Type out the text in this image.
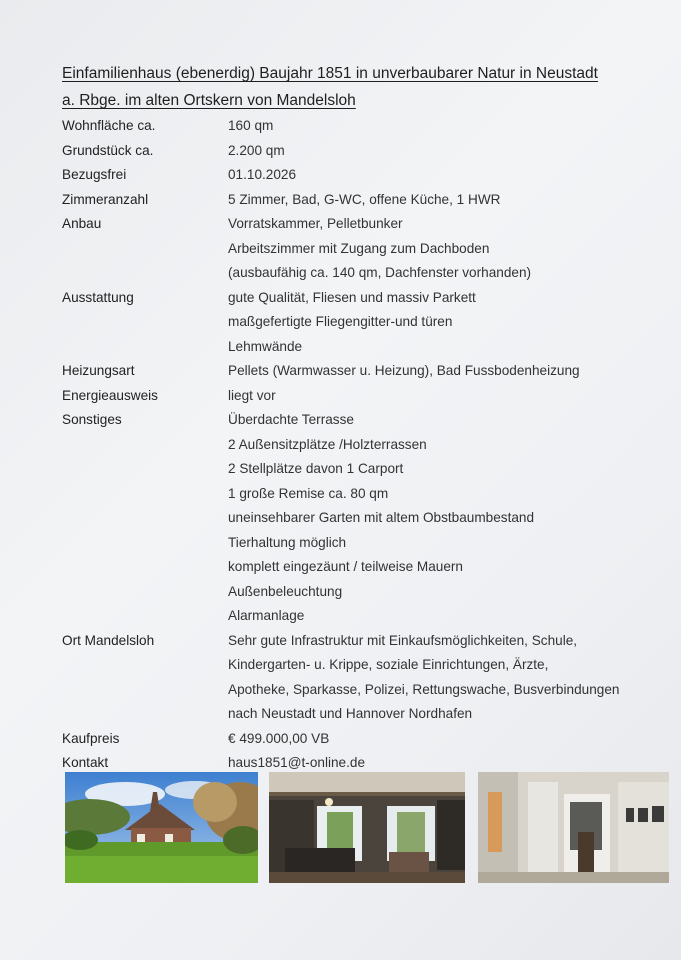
Einfamilienhaus (ebenerdig) Baujahr 1851 in unverbaubarer Natur in Neustadt
a. Rbge. im alten Ortskern von Mandelsloh
Wohnfläche ca.	160 qm
Grundstück ca.	2.200 qm
Bezugsfrei	01.10.2026
Zimmeranzahl	5 Zimmer, Bad, G-WC, offene Küche, 1 HWR
Anbau	Vorratskammer, Pelletbunker
Arbeitszimmer mit Zugang zum Dachboden
(ausbaufähig ca. 140 qm, Dachfenster vorhanden)
Ausstattung	gute Qualität, Fliesen und massiv Parkett
maßgefertigte Fliegengitter-und türen
Lehmwände
Heizungsart	Pellets (Warmwasser u. Heizung), Bad Fussbodenheizung
Energieausweis	liegt vor
Sonstiges	Überdachte Terrasse
2 Außensitzplätze /Holzterrassen
2 Stellplätze davon 1 Carport
1 große Remise ca. 80 qm
uneinsehbarer Garten mit altem Obstbaumbestand
Tierhaltung möglich
komplett eingezäunt / teilweise Mauern
Außenbeleuchtung
Alarmanlage
Ort Mandelsloh	Sehr gute Infrastruktur mit Einkaufsmöglichkeiten, Schule,
Kindergarten- u. Krippe, soziale Einrichtungen, Ärzte,
Apotheke, Sparkasse, Polizei, Rettungswache, Busverbindungen
nach Neustadt und Hannover Nordhafen
Kaufpreis	€ 499.000,00 VB
Kontakt	haus1851@t-online.de
